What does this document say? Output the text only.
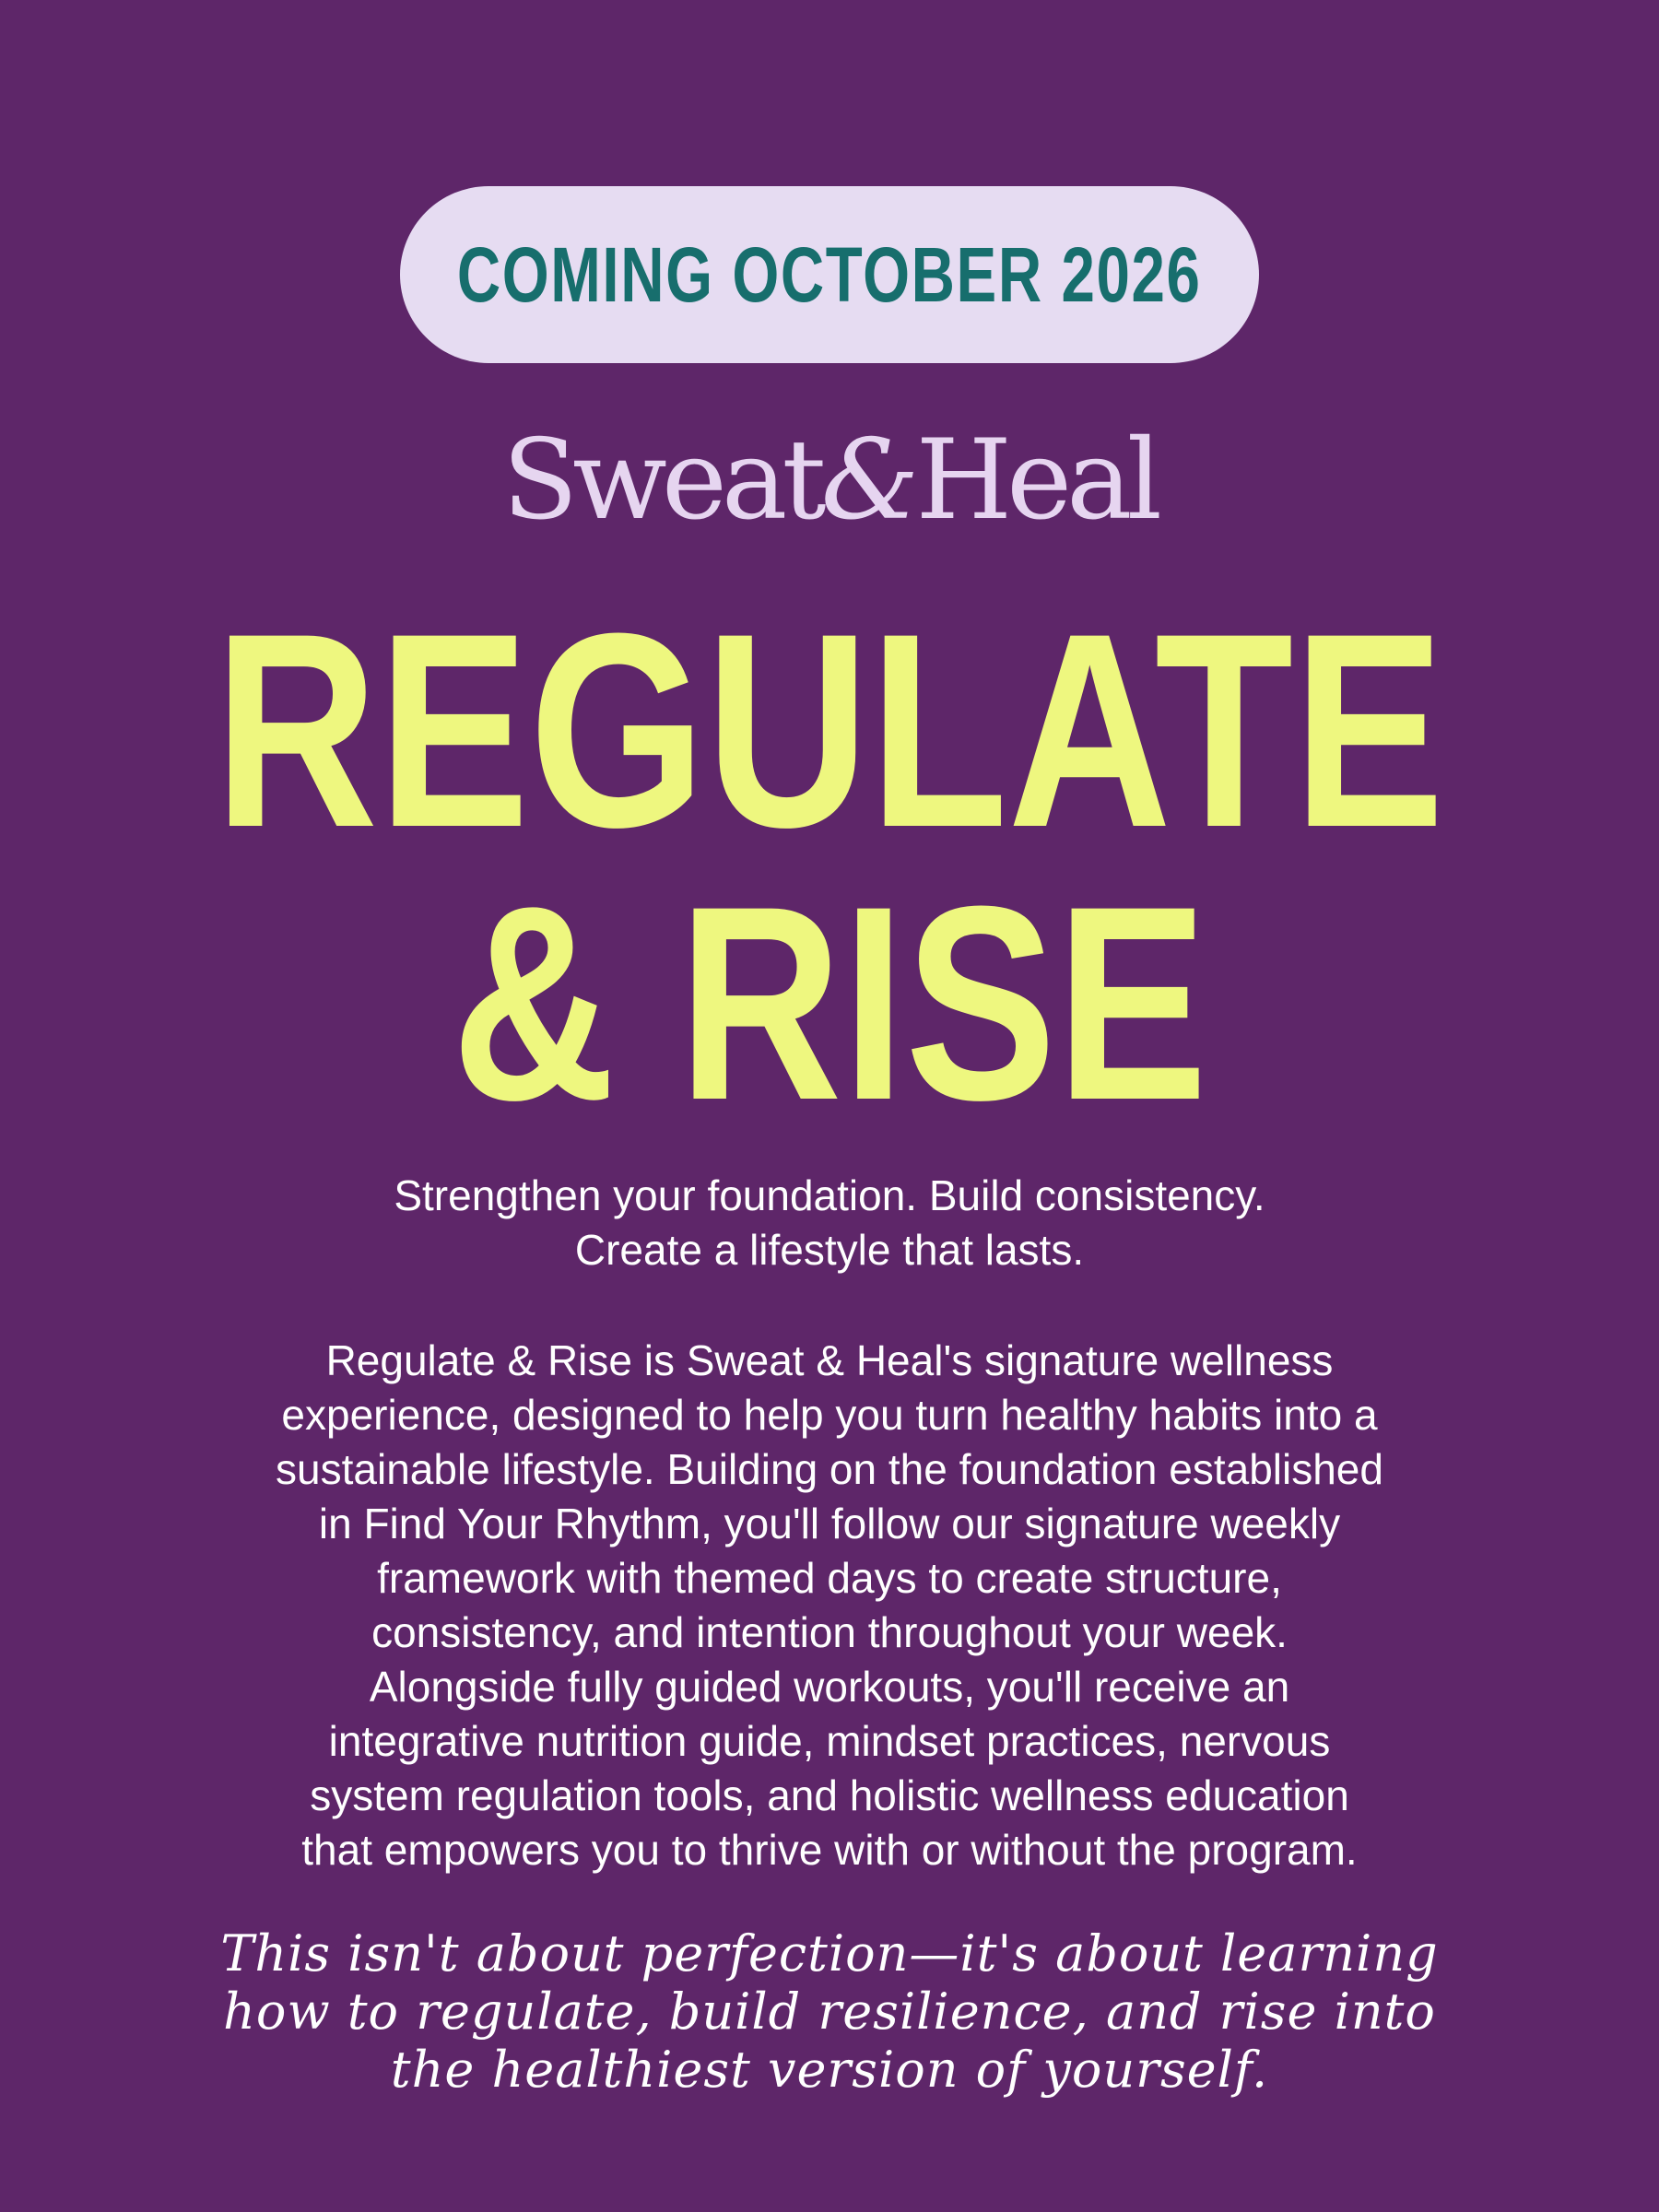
COMING OCTOBER 2026
Sweat&Heal
REGULATE
& RISE
Strengthen your foundation. Build consistency.
Create a lifestyle that lasts.
Regulate & Rise is Sweat & Heal's signature wellness
experience, designed to help you turn healthy habits into a
sustainable lifestyle. Building on the foundation established
in Find Your Rhythm, you'll follow our signature weekly
framework with themed days to create structure,
consistency, and intention throughout your week.
Alongside fully guided workouts, you'll receive an
integrative nutrition guide, mindset practices, nervous
system regulation tools, and holistic wellness education
that empowers you to thrive with or without the program.
This isn't about perfection—it's about learning
how to regulate, build resilience, and rise into
the healthiest version of yourself.
